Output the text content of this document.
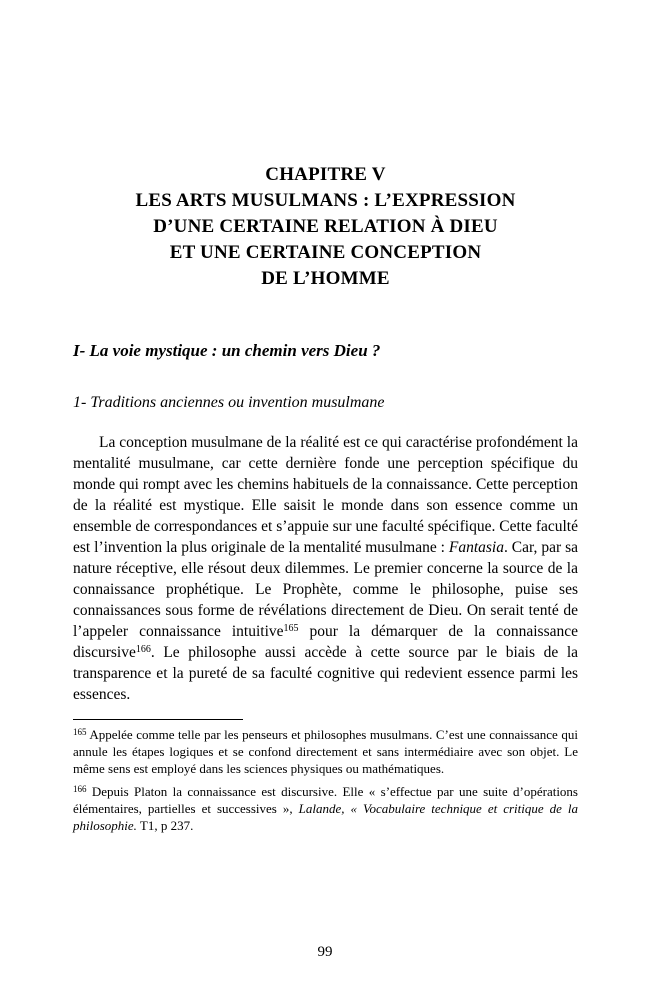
CHAPITRE V
LES ARTS MUSULMANS : L’EXPRESSION
D’UNE CERTAINE RELATION À DIEU
ET UNE CERTAINE CONCEPTION
DE L’HOMME
I- La voie mystique : un chemin vers Dieu ?
1- Traditions anciennes ou invention musulmane

La conception musulmane de la réalité est ce qui caractérise profondément la mentalité musulmane, car cette dernière fonde une perception spécifique du monde qui rompt avec les chemins habituels de la connaissance. Cette perception de la réalité est mystique. Elle saisit le monde dans son essence comme un ensemble de correspondances et s’appuie sur une faculté spécifique. Cette faculté est l’invention la plus originale de la mentalité musulmane : Fantasia. Car, par sa nature réceptive, elle résout deux dilemmes. Le premier concerne la source de la connaissance prophétique. Le Prophète, comme le philosophe, puise ses connaissances sous forme de révélations directement de Dieu. On serait tenté de l’appeler connaissance intuitive$^{165}$ pour la démarquer de la connaissance discursive$^{166}$. Le philosophe aussi accède à cette source par le biais de la transparence et la pureté de sa faculté cognitive qui redevient essence parmi les essences.

$^{165}$ Appelée comme telle par les penseurs et philosophes musulmans. C’est une connaissance qui annule les étapes logiques et se confond directement et sans intermédiaire avec son objet. Le même sens est employé dans les sciences physiques ou mathématiques.

$^{166}$ Depuis Platon la connaissance est discursive. Elle « s’effectue par une suite d’opérations élémentaires, partielles et successives », Lalande, « Vocabulaire technique et critique de la philosophie. T1, p 237.

99
